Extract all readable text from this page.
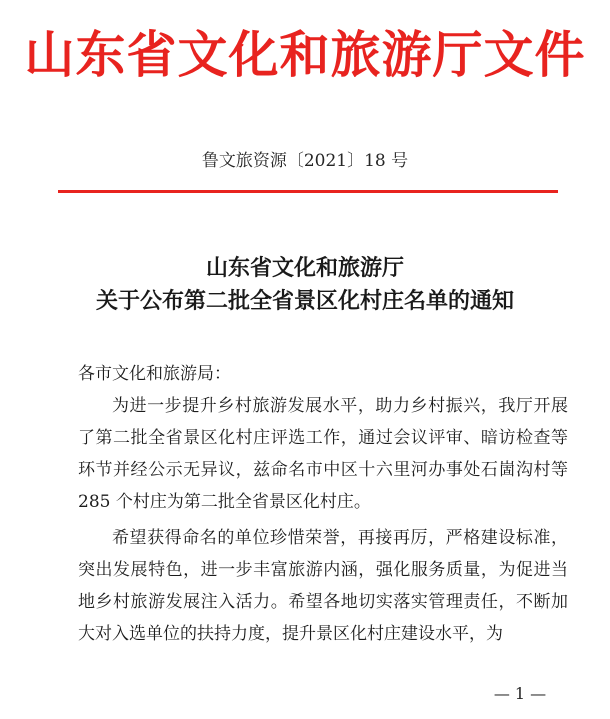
山东省文化和旅游厅文件
鲁文旅资源〔2021〕18 号
山东省文化和旅游厅
关于公布第二批全省景区化村庄名单的通知
各市文化和旅游局：

为进一步提升乡村旅游发展水平，助力乡村振兴，我厅开展了第二批全省景区化村庄评选工作，通过会议评审、暗访检查等环节并经公示无异议，兹命名市中区十六里河办事处石崮沟村等 285 个村庄为第二批全省景区化村庄。

希望获得命名的单位珍惜荣誉，再接再厉，严格建设标准，突出发展特色，进一步丰富旅游内涵，强化服务质量，为促进当地乡村旅游发展注入活力。希望各地切实落实管理责任，不断加大对入选单位的扶持力度，提升景区化村庄建设水平，为

— 1 —
